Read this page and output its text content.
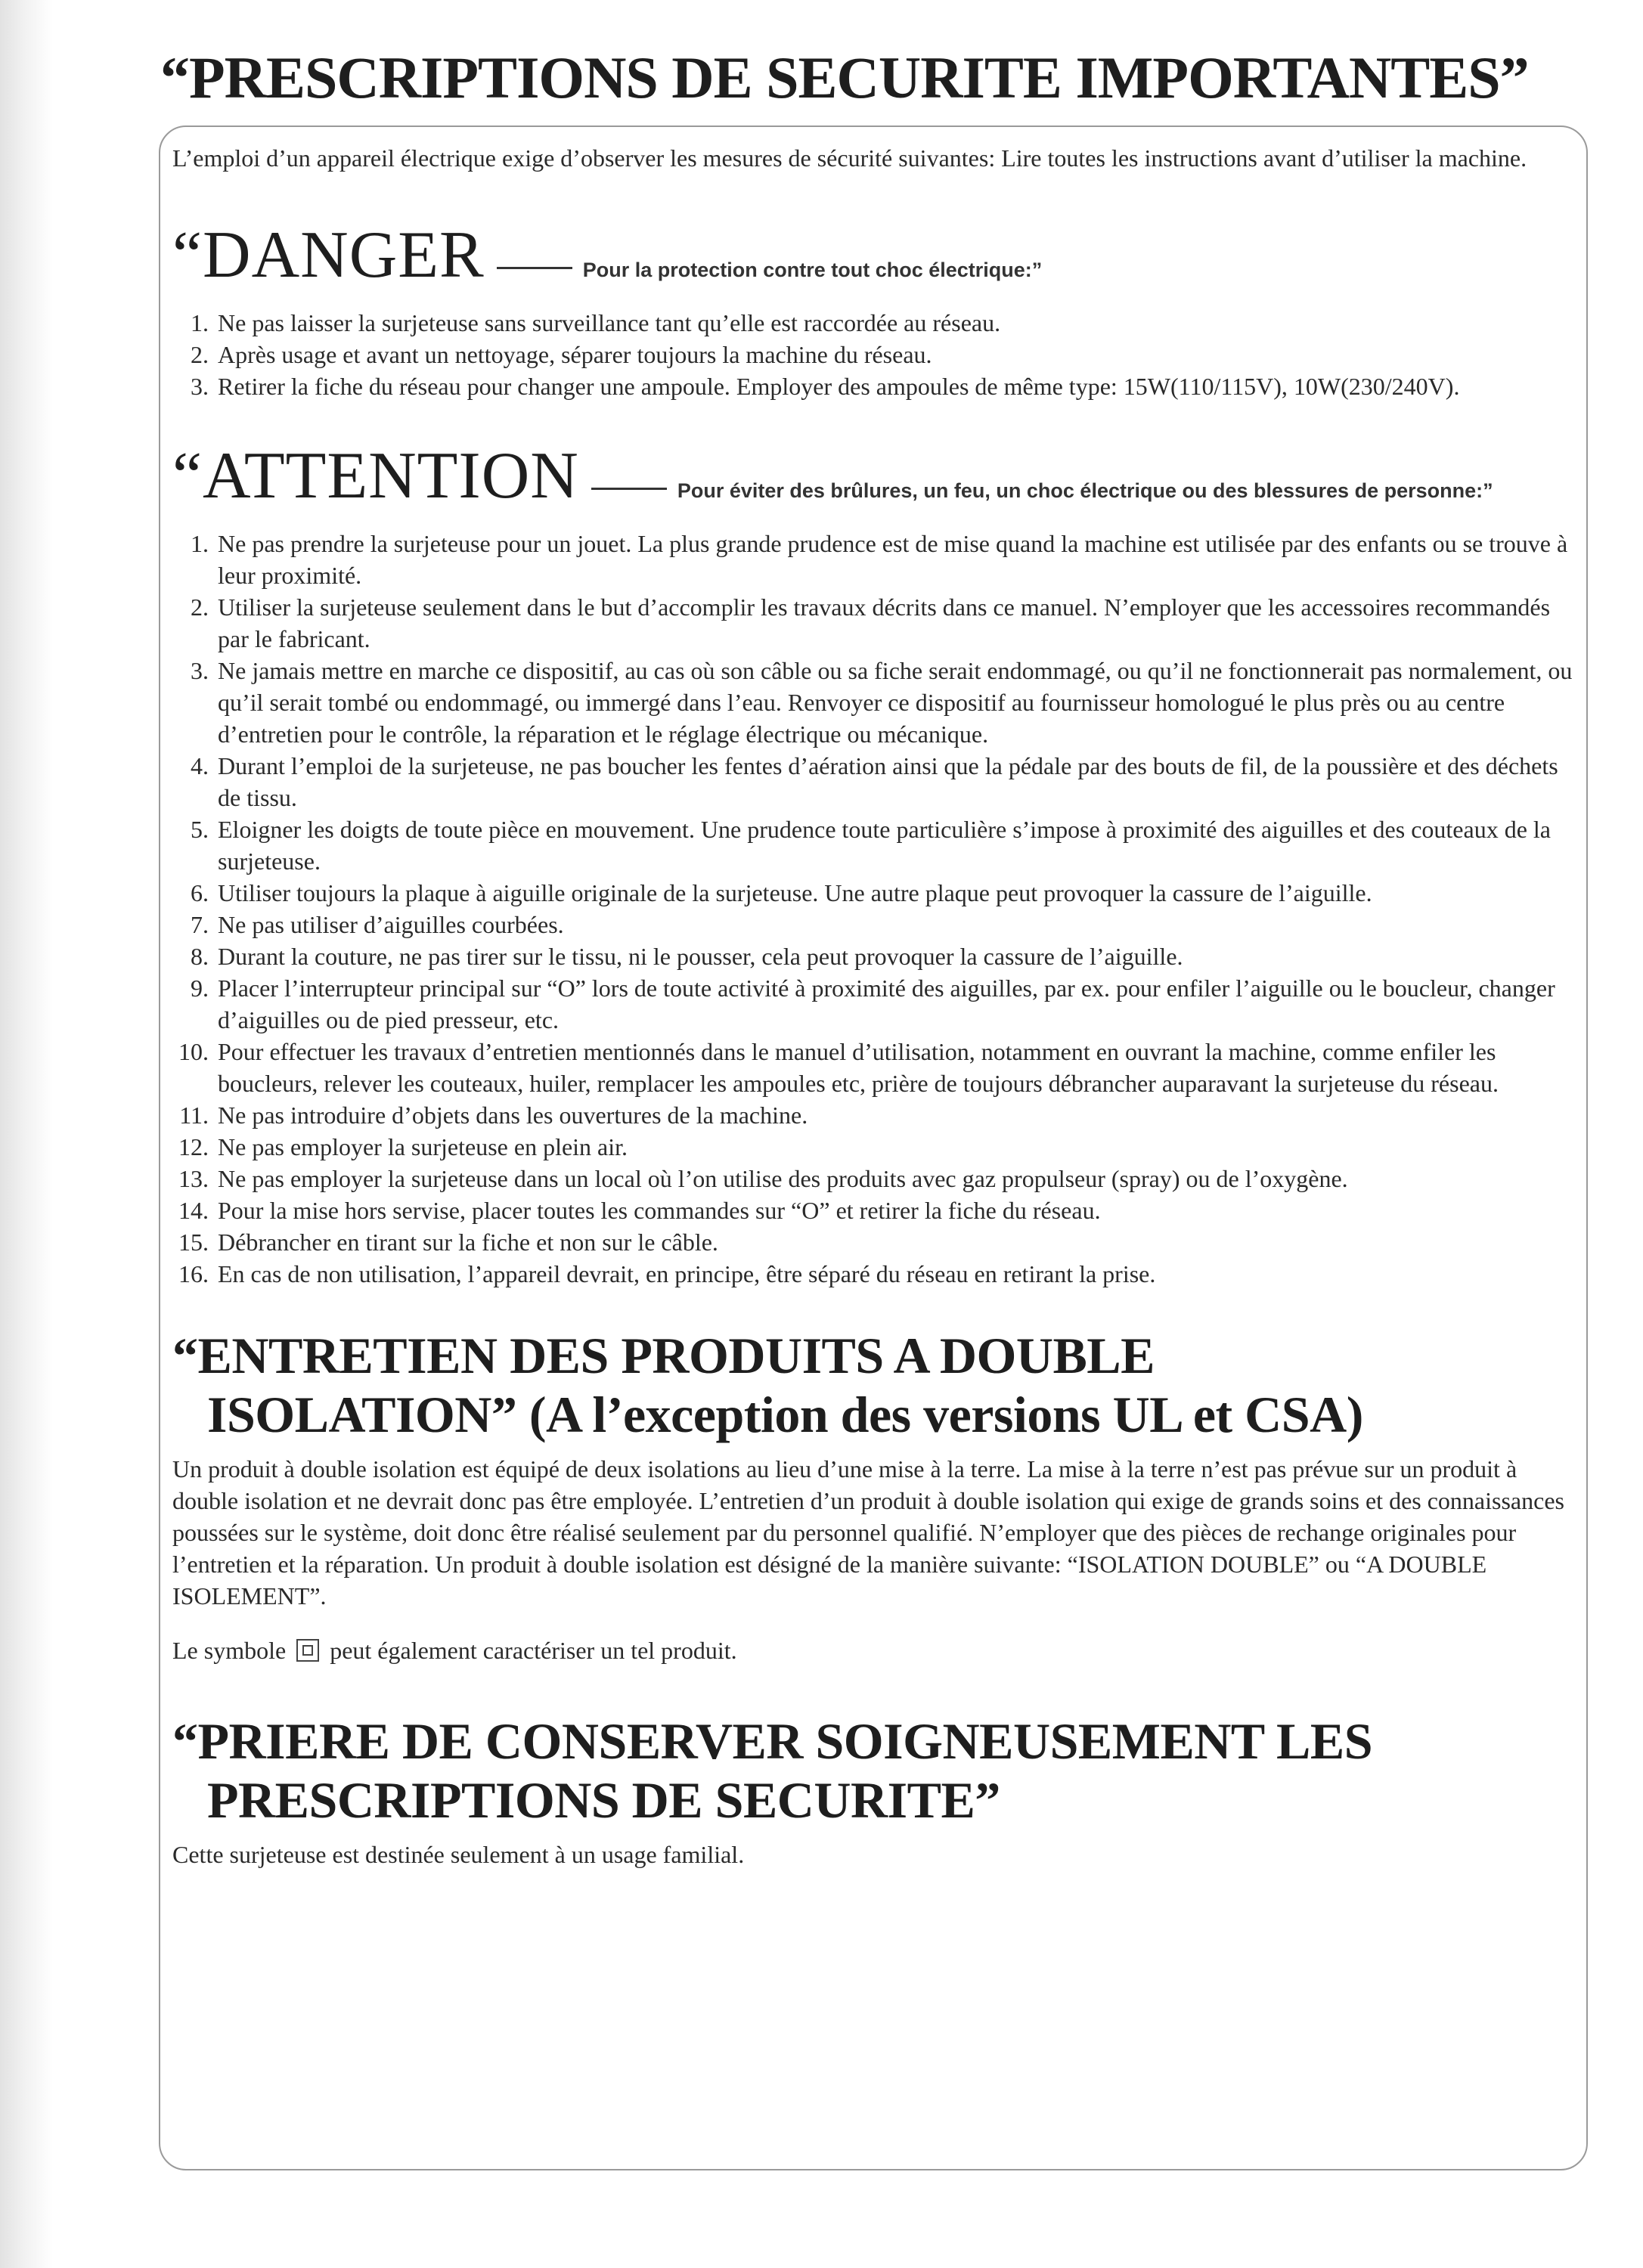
“PRESCRIPTIONS DE SECURITE IMPORTANTES”

L’emploi d’un appareil électrique exige d’observer les mesures de sécurité suivantes: Lire toutes les instructions avant d’utiliser la machine.

“DANGER	Pour la protection contre tout choc électrique:”
1. Ne pas laisser la surjeteuse sans surveillance tant qu’elle est raccordée au réseau.
2. Après usage et avant un nettoyage, séparer toujours la machine du réseau.
3. Retirer la fiche du réseau pour changer une ampoule. Employer des ampoules de même type: 15W(110/115V), 10W(230/240V).
“ATTENTION	Pour éviter des brûlures, un feu, un choc électrique ou des blessures de personne:”
1. Ne pas prendre la surjeteuse pour un jouet. La plus grande prudence est de mise quand la machine est utilisée par des enfants ou se trouve à leur proximité.
2. Utiliser la surjeteuse seulement dans le but d’accomplir les travaux décrits dans ce manuel. N’employer que les accessoires recommandés par le fabricant.
3. Ne jamais mettre en marche ce dispositif, au cas où son câble ou sa fiche serait endommagé, ou qu’il ne fonctionnerait pas normalement, ou qu’il serait tombé ou endommagé, ou immergé dans l’eau. Renvoyer ce dispositif au fournisseur homologué le plus près ou au centre d’entretien pour le contrôle, la réparation et le réglage électrique ou mécanique.
4. Durant l’emploi de la surjeteuse, ne pas boucher les fentes d’aération ainsi que la pédale par des bouts de fil, de la poussière et des déchets de tissu.
5. Eloigner les doigts de toute pièce en mouvement. Une prudence toute particulière s’impose à proximité des aiguilles et des couteaux de la surjeteuse.
6. Utiliser toujours la plaque à aiguille originale de la surjeteuse. Une autre plaque peut provoquer la cassure de l’aiguille.
7. Ne pas utiliser d’aiguilles courbées.
8. Durant la couture, ne pas tirer sur le tissu, ni le pousser, cela peut provoquer la cassure de l’aiguille.
9. Placer l’interrupteur principal sur “O” lors de toute activité à proximité des aiguilles, par ex. pour enfiler l’aiguille ou le boucleur, changer d’aiguilles ou de pied presseur, etc.
10. Pour effectuer les travaux d’entretien mentionnés dans le manuel d’utilisation, notamment en ouvrant la machine, comme enfiler les boucleurs, relever les couteaux, huiler, remplacer les ampoules etc, prière de toujours débrancher auparavant la surjeteuse du réseau.
11. Ne pas introduire d’objets dans les ouvertures de la machine.
12. Ne pas employer la surjeteuse en plein air.
13. Ne pas employer la surjeteuse dans un local où l’on utilise des produits avec gaz propulseur (spray) ou de l’oxygène.
14. Pour la mise hors servise, placer toutes les commandes sur “O” et retirer la fiche du réseau.
15. Débrancher en tirant sur la fiche et non sur le câble.
16. En cas de non utilisation, l’appareil devrait, en principe, être séparé du réseau en retirant la prise.
“ENTRETIEN DES PRODUITS A DOUBLE
ISOLATION” (A l’exception des versions UL et CSA)

Un produit à double isolation est équipé de deux isolations au lieu d’une mise à la terre. La mise à la terre n’est pas prévue sur un produit à double isolation et ne devrait donc pas être employée. L’entretien d’un produit à double isolation qui exige de grands soins et des connaissances poussées sur le système, doit donc être réalisé seulement par du personnel qualifié. N’employer que des pièces de rechange originales pour l’entretien et la réparation. Un produit à double isolation est désigné de la manière suivante: “ISOLATION DOUBLE” ou “A DOUBLE ISOLEMENT”.

Le symbole peut également caractériser un tel produit.

“PRIERE DE CONSERVER SOIGNEUSEMENT LES
PRESCRIPTIONS DE SECURITE”

Cette surjeteuse est destinée seulement à un usage familial.
